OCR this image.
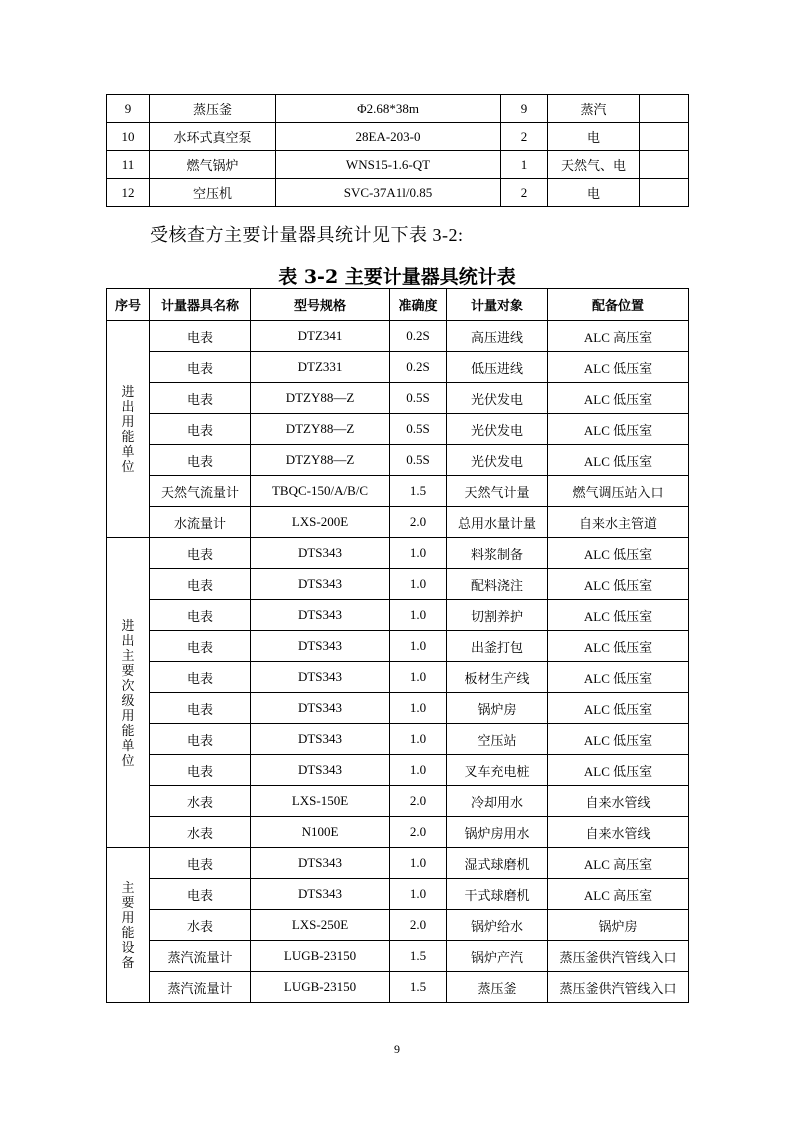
9	蒸压釜	Φ2.68*38m	9	蒸汽	
10	水环式真空泵	28EA-203-0	2	电	
11	燃气锅炉	WNS15-1.6-QT	1	天然气、电	
12	空压机	SVC-37A1l/0.85	2	电	
受核查方主要计量器具统计见下表 3-2:
表 3-2 主要计量器具统计表
序号	计量器具名称	型号规格	准确度	计量对象	配备位置
进出用能单位	电表	DTZ341	0.2S	高压进线	ALC 高压室
	电表	DTZ331	0.2S	低压进线	ALC 低压室
	电表	DTZY88—Z	0.5S	光伏发电	ALC 低压室
	电表	DTZY88—Z	0.5S	光伏发电	ALC 低压室
	电表	DTZY88—Z	0.5S	光伏发电	ALC 低压室
	天然气流量计	TBQC-150/A/B/C	1.5	天然气计量	燃气调压站入口
	水流量计	LXS-200E	2.0	总用水量计量	自来水主管道
进出主要次级用能单位	电表	DTS343	1.0	料浆制备	ALC 低压室
	电表	DTS343	1.0	配料浇注	ALC 低压室
	电表	DTS343	1.0	切割养护	ALC 低压室
	电表	DTS343	1.0	出釜打包	ALC 低压室
	电表	DTS343	1.0	板材生产线	ALC 低压室
	电表	DTS343	1.0	锅炉房	ALC 低压室
	电表	DTS343	1.0	空压站	ALC 低压室
	电表	DTS343	1.0	叉车充电桩	ALC 低压室
	水表	LXS-150E	2.0	冷却用水	自来水管线
	水表	N100E	2.0	锅炉房用水	自来水管线
主要用能设备	电表	DTS343	1.0	湿式球磨机	ALC 高压室
	电表	DTS343	1.0	干式球磨机	ALC 高压室
	水表	LXS-250E	2.0	锅炉给水	锅炉房
	蒸汽流量计	LUGB-23150	1.5	锅炉产汽	蒸压釜供汽管线入口
	蒸汽流量计	LUGB-23150	1.5	蒸压釜	蒸压釜供汽管线入口
9
